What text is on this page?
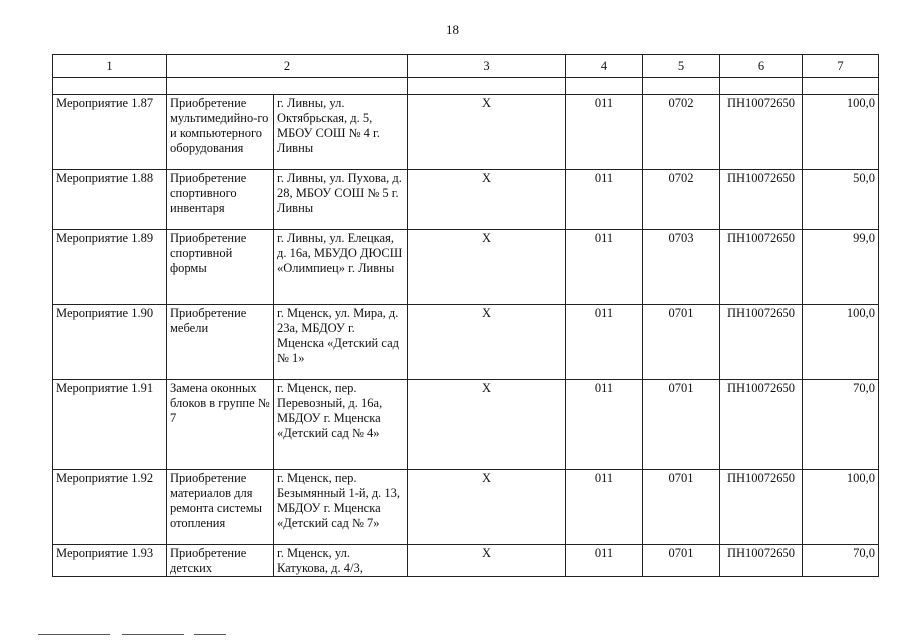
18
1	2		3	4	5	6	7

Мероприятие 1.87	Приобретение мультимедийно-го и компьютерного оборудования	г. Ливны, ул. Октябрьская, д. 5, МБОУ СОШ № 4 г. Ливны	X	011	0702	ПН10072650	100,0
Мероприятие 1.88	Приобретение спортивного инвентаря	г. Ливны, ул. Пухова, д. 28, МБОУ СОШ № 5 г. Ливны	X	011	0702	ПН10072650	50,0
Мероприятие 1.89	Приобретение спортивной формы	г. Ливны, ул. Елецкая, д. 16а, МБУДО ДЮСШ «Олимпиец» г. Ливны	X	011	0703	ПН10072650	99,0
Мероприятие 1.90	Приобретение мебели	г. Мценск, ул. Мира, д. 23а, МБДОУ г. Мценска «Детский сад № 1»	X	011	0701	ПН10072650	100,0
Мероприятие 1.91	Замена оконных блоков в группе № 7	г. Мценск, пер. Перевозный, д. 16а, МБДОУ г. Мценска «Детский сад № 4»	X	011	0701	ПН10072650	70,0
Мероприятие 1.92	Приобретение материалов для ремонта системы отопления	г. Мценск, пер. Безымянный 1-й, д. 13, МБДОУ г. Мценска «Детский сад № 7»	X	011	0701	ПН10072650	100,0
Мероприятие 1.93	Приобретение детских	г. Мценск, ул. Катукова, д. 4/3,	X	011	0701	ПН10072650	70,0
